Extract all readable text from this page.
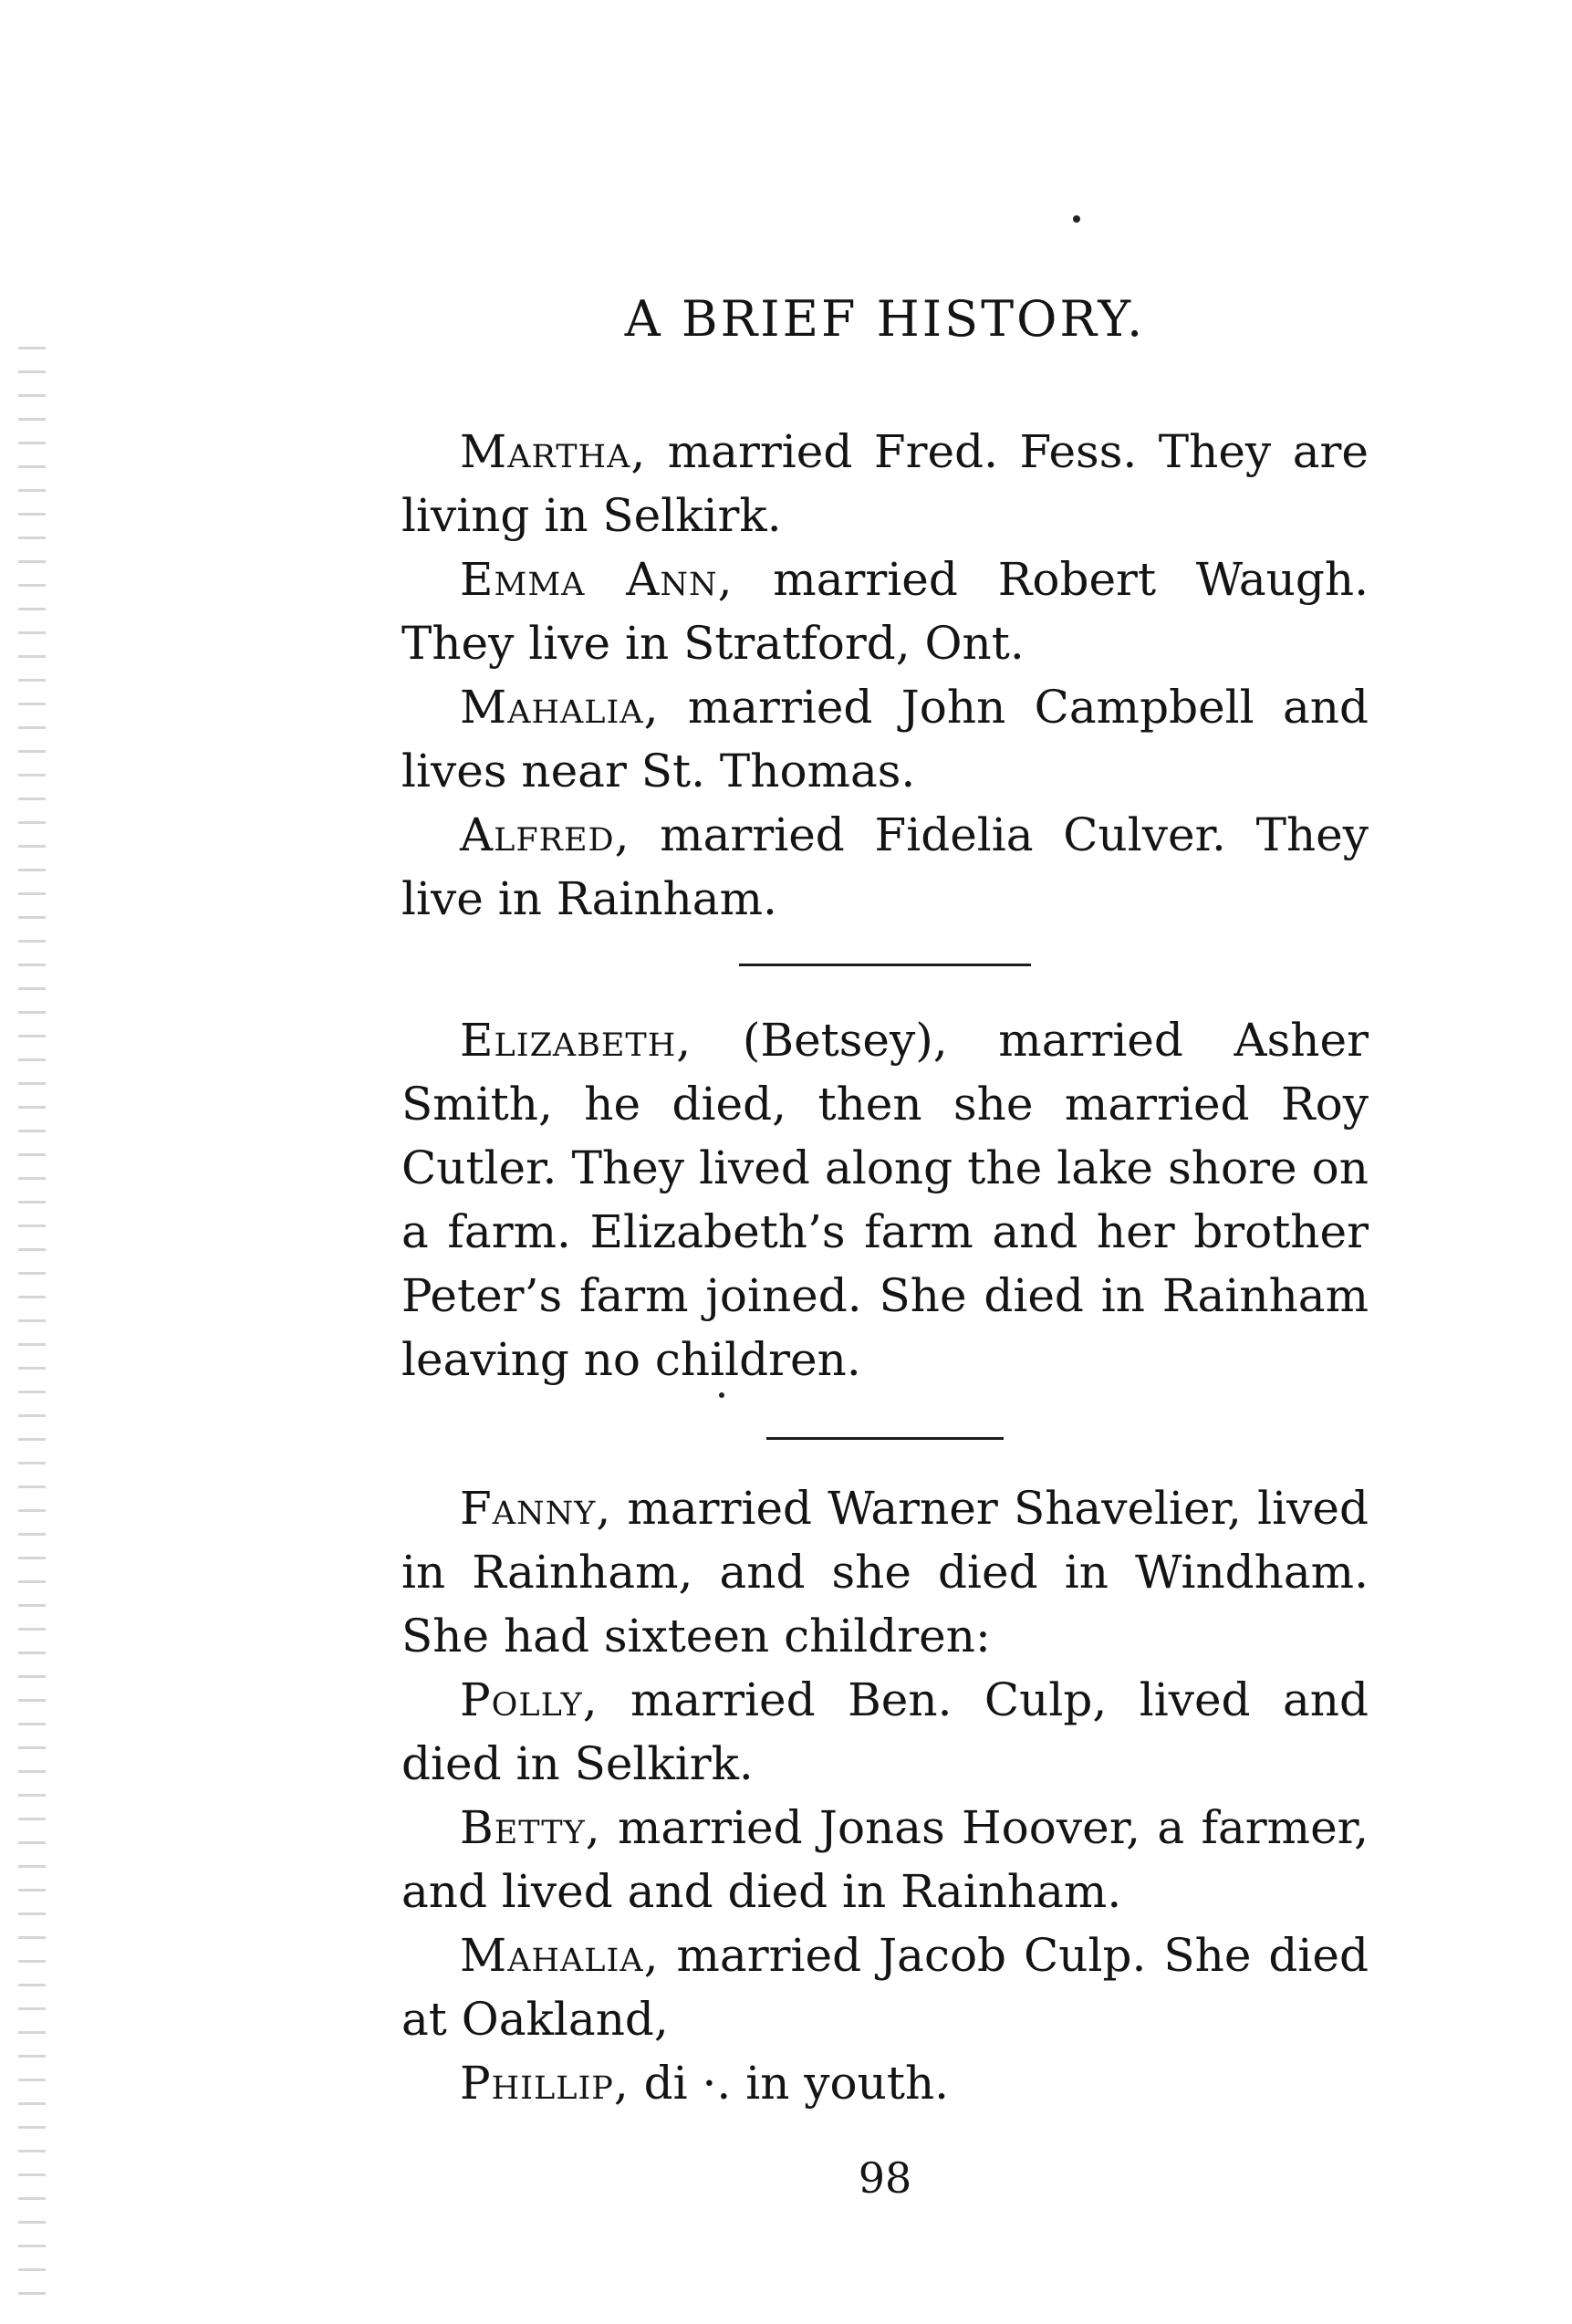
A BRIEF HISTORY.

Martha, married Fred. Fess. They are living in Selkirk.

Emma Ann, married Robert Waugh. They live in Stratford, Ont.

Mahalia, married John Campbell and lives near St. Thomas.

Alfred, married Fidelia Culver. They live in Rainham.

Elizabeth, (Betsey), married Asher Smith, he died, then she married Roy Cutler. They lived along the lake shore on a farm. Elizabeth’s farm and her brother Peter’s farm joined. She died in Rainham leaving no children.

Fanny, married Warner Shavelier, lived in Rainham, and she died in Windham. She had sixteen children:

Polly, married Ben. Culp, lived and died in Selkirk.

Betty, married Jonas Hoover, a farmer, and lived and died in Rainham.

Mahalia, married Jacob Culp. She died at Oakland,

Phillip, di ·. in youth.

98
